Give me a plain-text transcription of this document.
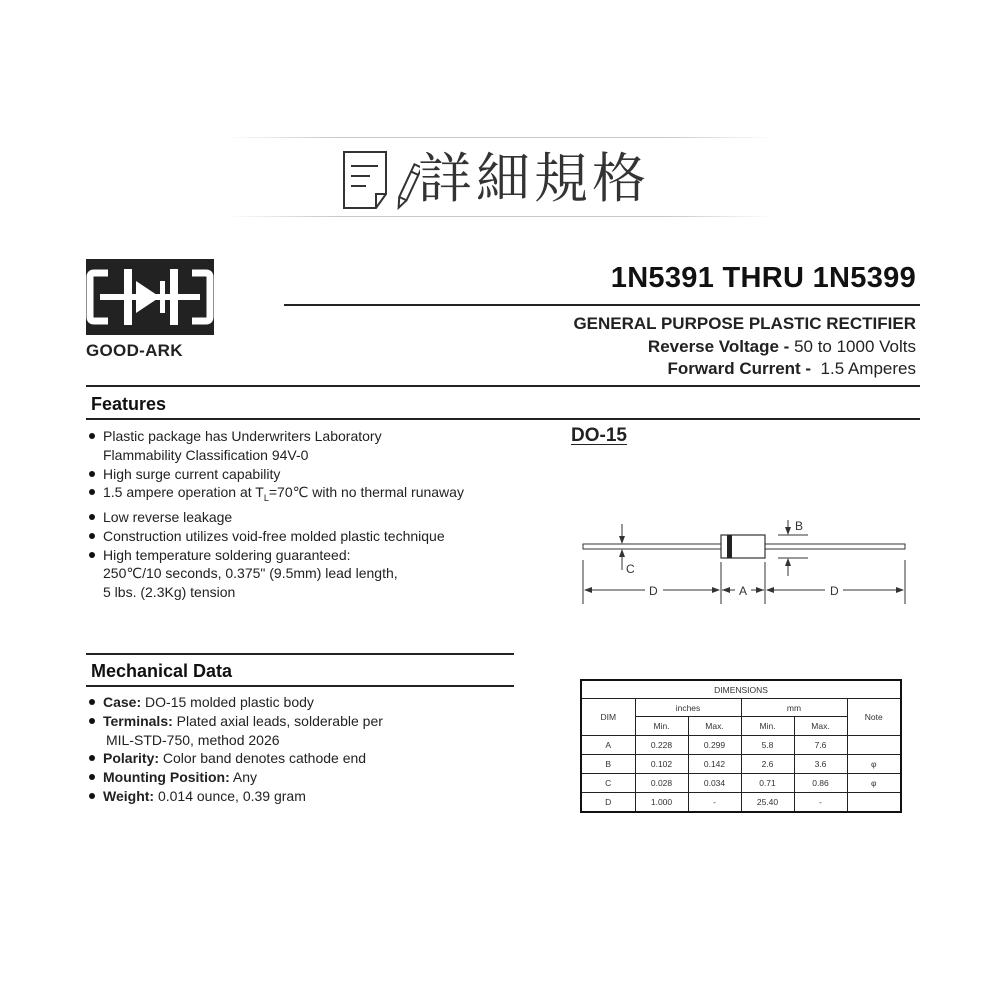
詳細規格
GOOD-ARK
1N5391 THRU 1N5399
GENERAL PURPOSE PLASTIC RECTIFIER
Reverse Voltage - 50 to 1000 Volts
Forward Current -  1.5 Amperes
Features
Plastic package has Underwriters Laboratory
Flammability Classification 94V-0
High surge current capability
1.5 ampere operation at $T_L=70℃$ with no thermal runaway
Low reverse leakage
Construction utilizes void-free molded plastic technique
High temperature soldering guaranteed:
250℃/10 seconds, 0.375" (9.5mm) lead length,
5 lbs. (2.3Kg) tension
DO-15
D	A	D
C
B
Mechanical Data
Case: DO-15 molded plastic body
Terminals: Plated axial leads, solderable per
MIL-STD-750, method 2026
Polarity: Color band denotes cathode end
Mounting Position: Any
Weight: 0.014 ounce, 0.39 gram
DIMENSIONS					
DIM	inches		mm		Note
	Min.	Max.	Min.	Max.	
A	0.228	0.299	5.8	7.6	
B	0.102	0.142	2.6	3.6	φ
C	0.028	0.034	0.71	0.86	φ
D	1.000	-	25.40	-	
